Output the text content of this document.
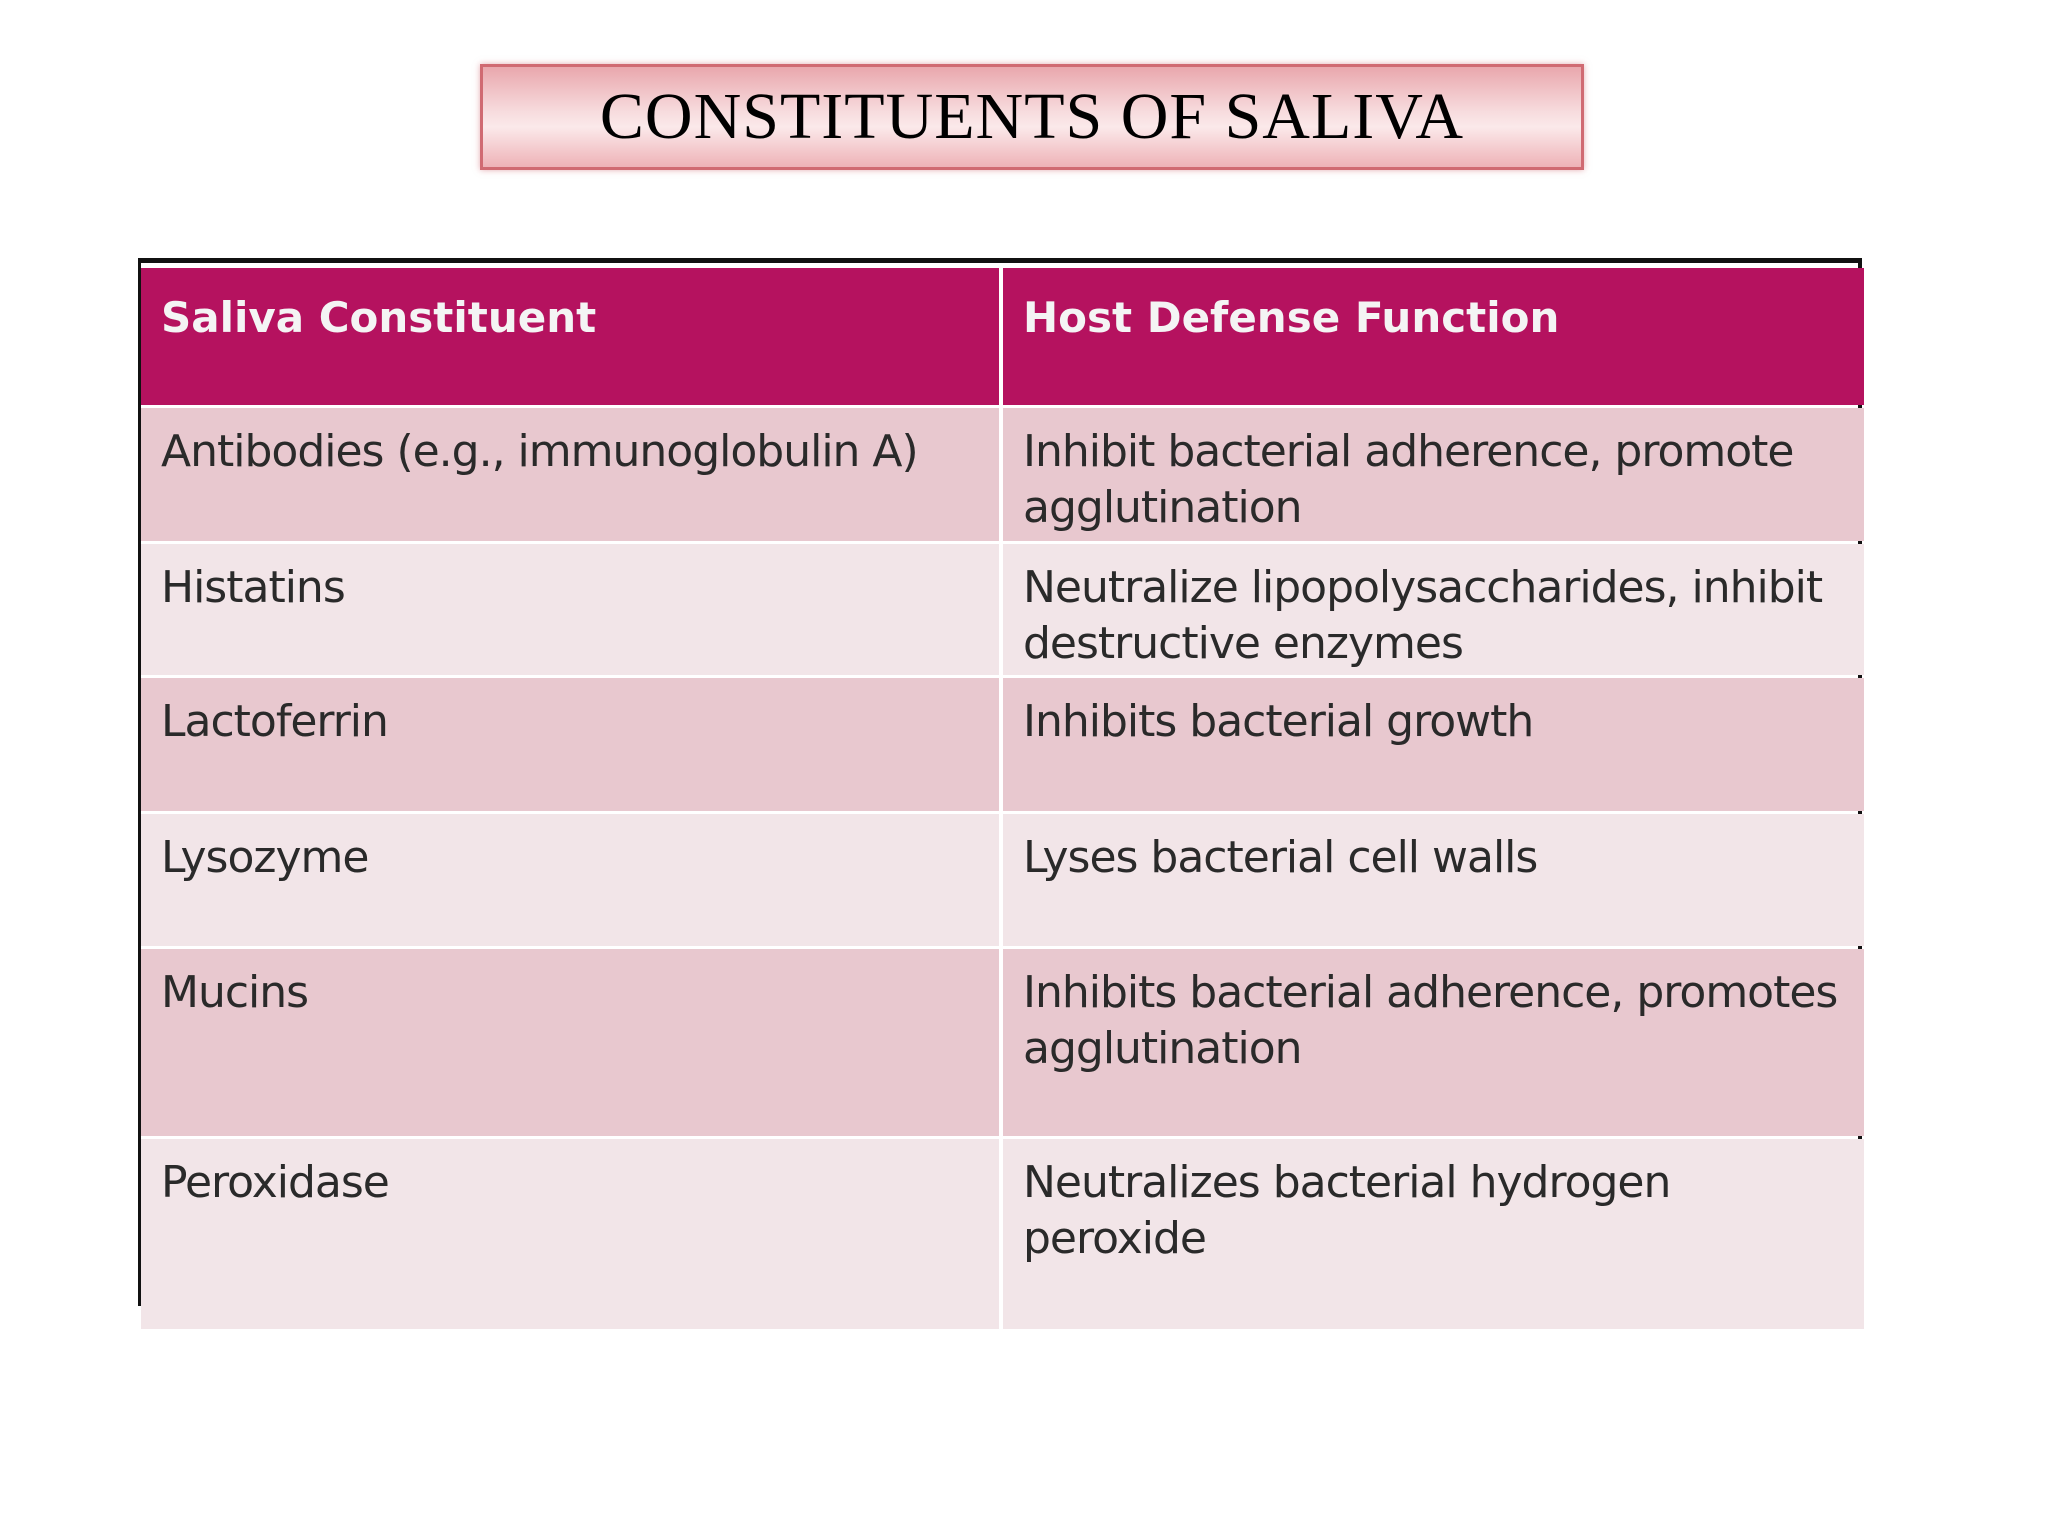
CONSTITUENTS OF SALIVA
Saliva Constituent	Host Defense Function
Antibodies (e.g., immunoglobulin A)	Inhibit bacterial adherence, promote agglutination
Histatins	Neutralize lipopolysaccharides, inhibit destructive enzymes
Lactoferrin	Inhibits bacterial growth
Lysozyme	Lyses bacterial cell walls
Mucins	Inhibits bacterial adherence, promotes agglutination
Peroxidase	Neutralizes bacterial hydrogen peroxide
